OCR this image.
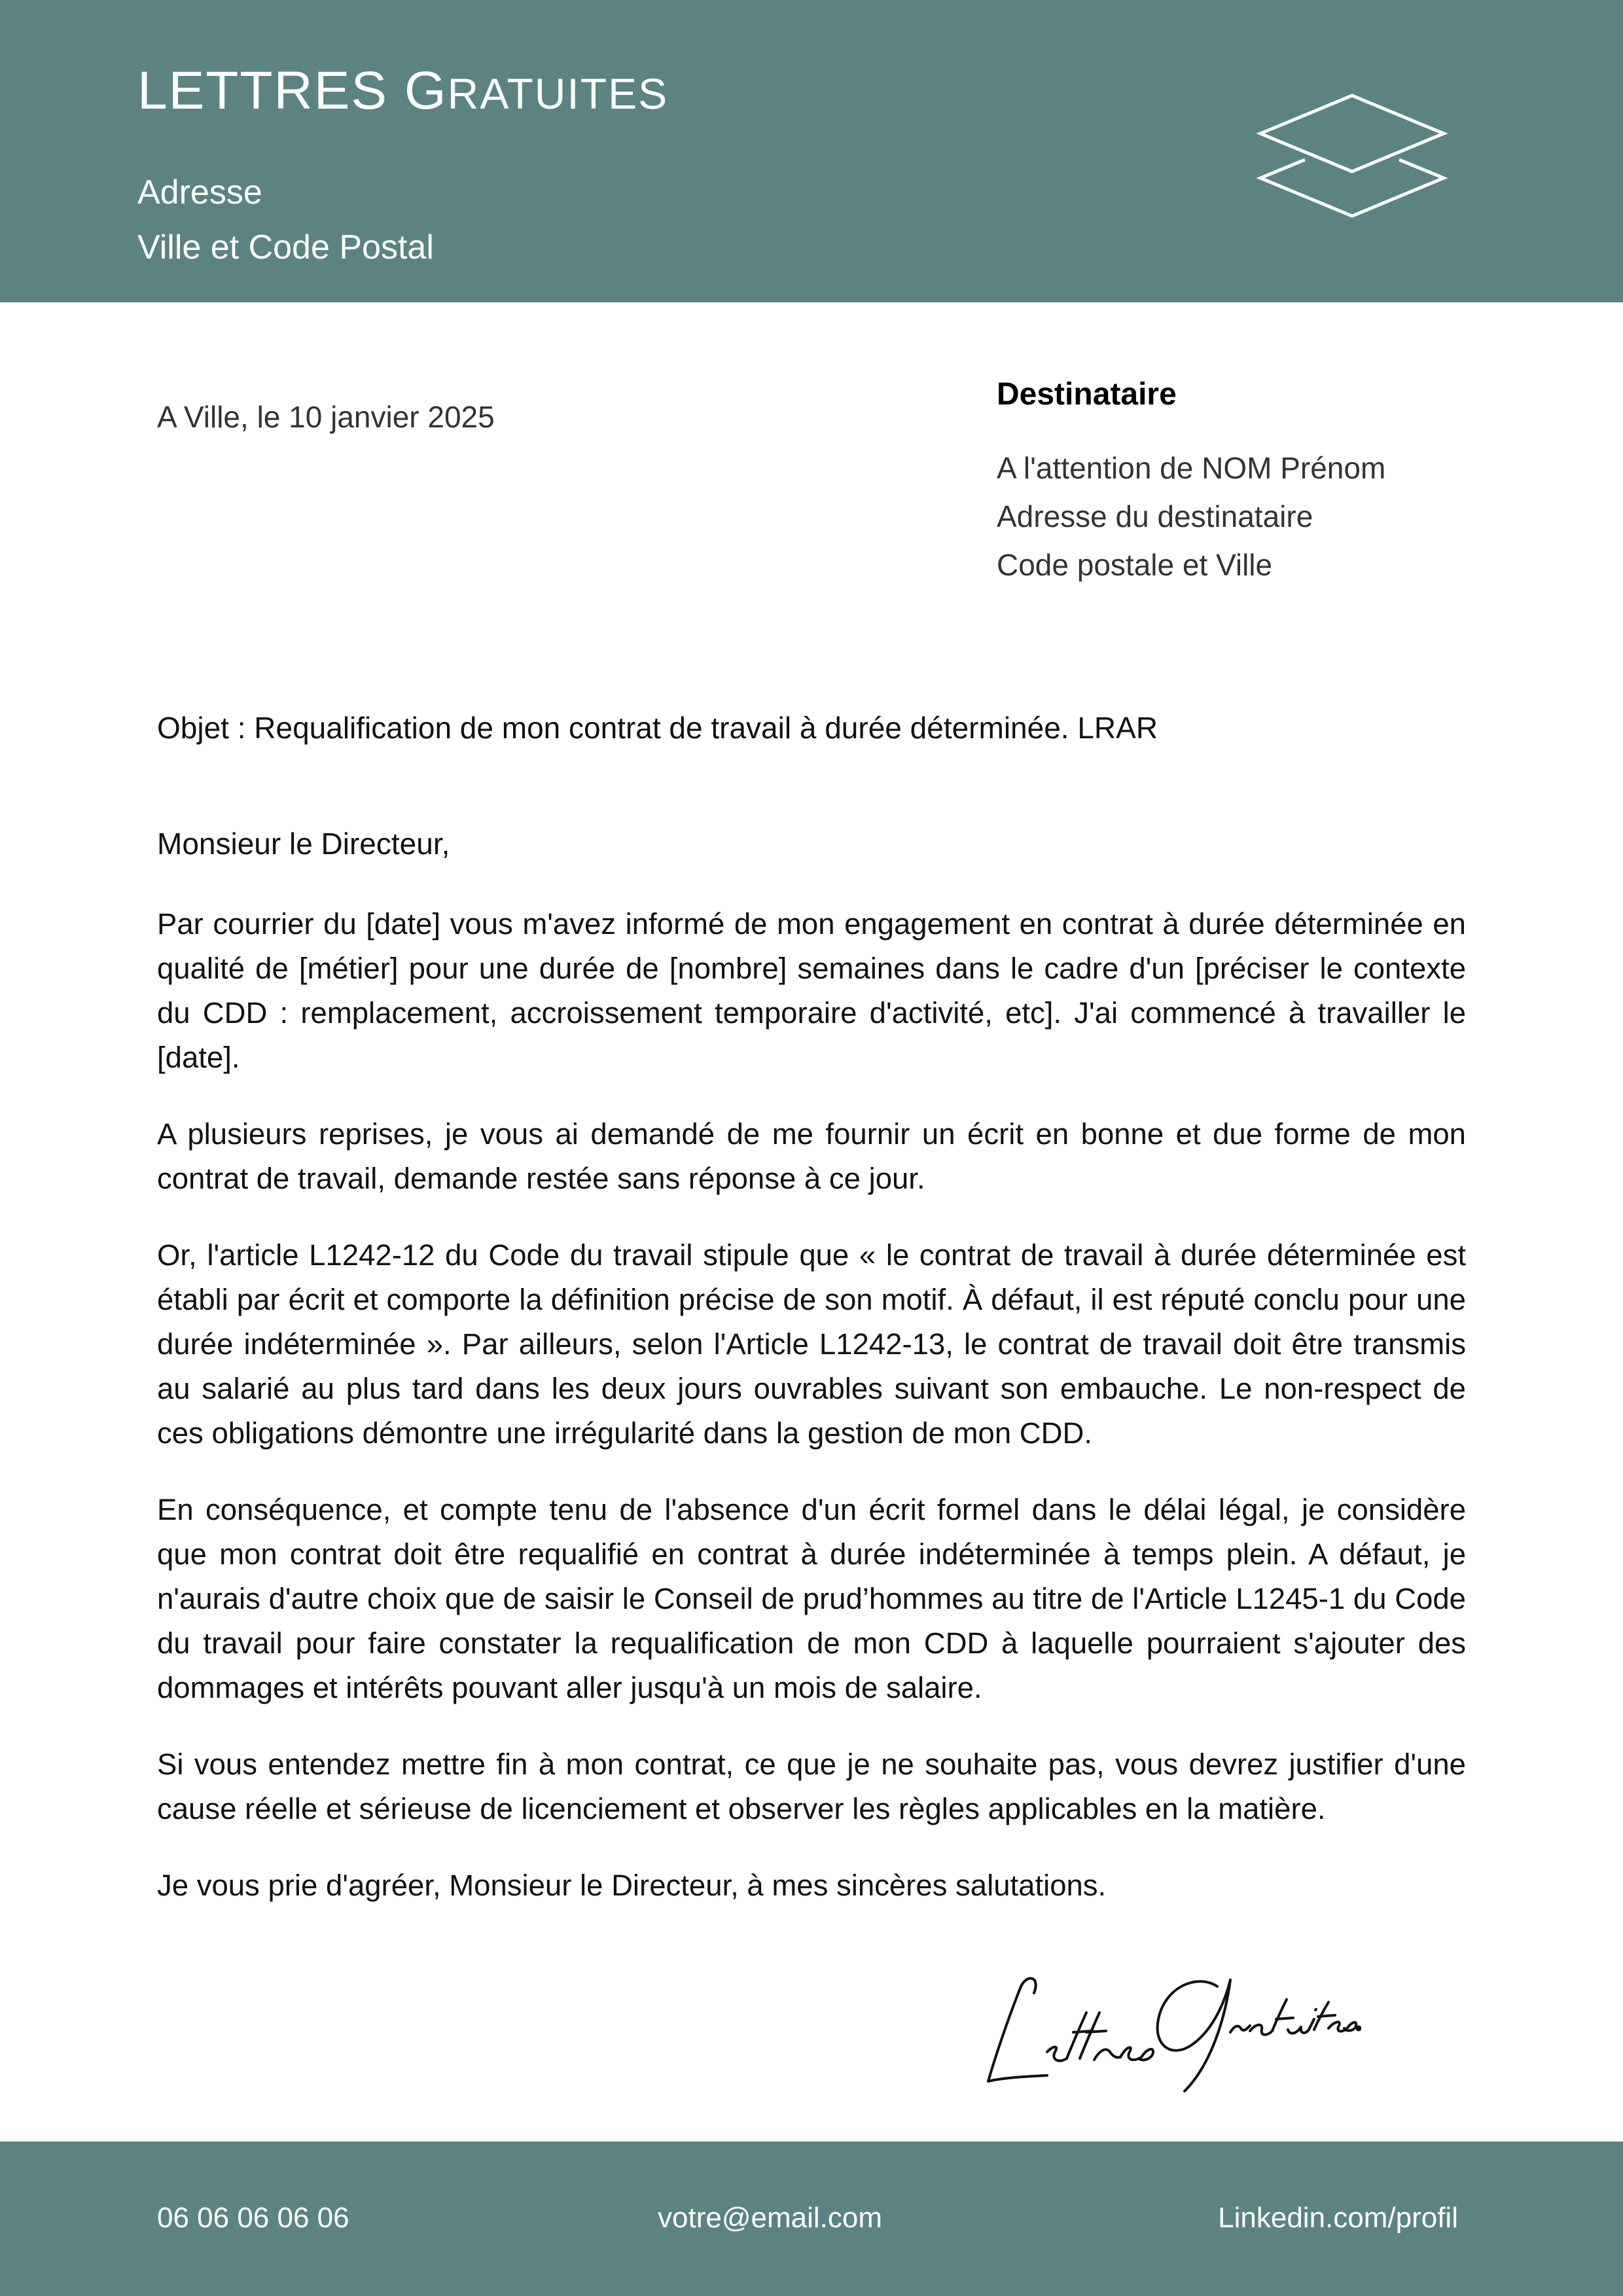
LETTRES GRATUITES
Adresse
Ville et Code Postal
A Ville, le 10 janvier 2025
Destinataire
A l'attention de NOM Prénom
Adresse du destinataire
Code postale et Ville
Objet : Requalification de mon contrat de travail à durée déterminée. LRAR
Monsieur le Directeur,

Par courrier du [date] vous m'avez informé de mon engagement en contrat à durée déterminée en qualité de [métier] pour une durée de [nombre] semaines dans le cadre d'un [préciser le contexte du CDD : remplacement, accroissement temporaire d'activité, etc]. J'ai commencé à travailler le [date].

A plusieurs reprises, je vous ai demandé de me fournir un écrit en bonne et due forme de mon contrat de travail, demande restée sans réponse à ce jour.

Or, l'article L1242-12 du Code du travail stipule que « le contrat de travail à durée déterminée est établi par écrit et comporte la définition précise de son motif. À défaut, il est réputé conclu pour une durée indéterminée ». Par ailleurs, selon l'Article L1242-13, le contrat de travail doit être transmis au salarié au plus tard dans les deux jours ouvrables suivant son embauche. Le non-respect de ces obligations démontre une irrégularité dans la gestion de mon CDD.

En conséquence, et compte tenu de l'absence d'un écrit formel dans le délai légal, je considère que mon contrat doit être requalifié en contrat à durée indéterminée à temps plein. A défaut, je n'aurais d'autre choix que de saisir le Conseil de prud’hommes au titre de l'Article L1245-1 du Code du travail pour faire constater la requalification de mon CDD à laquelle pourraient s'ajouter des dommages et intérêts pouvant aller jusqu'à un mois de salaire.

Si vous entendez mettre fin à mon contrat, ce que je ne souhaite pas, vous devrez justifier d'une cause réelle et sérieuse de licenciement et observer les règles applicables en la matière.

Je vous prie d'agréer, Monsieur le Directeur, à mes sincères salutations.

06 06 06 06 06	votre@email.com	Linkedin.com/profil
